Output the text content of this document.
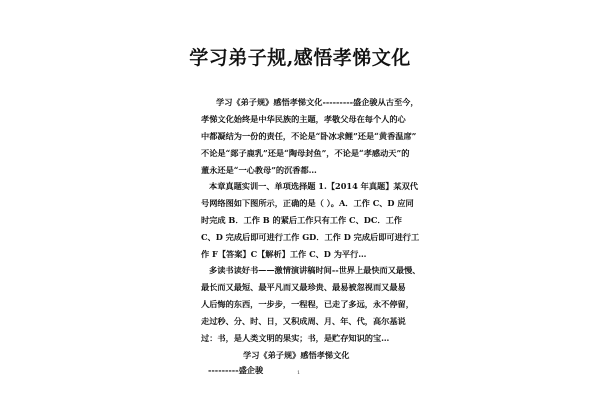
学习弟子规,感悟孝悌文化
学习《弟子规》感悟孝悌文化---------盛企骏从古至今，
孝悌文化始终是中华民族的主题，孝敬父母在每个人的心
中都凝结为一份的责任，不论是“卧冰求鲤”还是“黄香温席”
不论是“郯子鹿乳”还是“陶母封鱼”，不论是“孝感动天”的
董永还是“一心教母”的沉香都…
本章真题实训一、单项选择题 1.【2014 年真题】某双代
号网络图如下图所示，正确的是（ ）。A．工作 C、D 应同
时完成 B．工作 B 的紧后工作只有工作 C、DC．工作
C、D 完成后即可进行工作 GD．工作 D 完成后即可进行工
作 F【答案】C【解析】工作 C、D 为平行…
多读书读好书——激情演讲稿时间--世界上最快而又最慢、
最长而又最短、最平凡而又最珍贵、最易被忽视而又最易
人后悔的东西，一步步，一程程，已走了多远，永不停留，
走过秒、分、时、日，又积成周、月、年、代，高尔基说
过：书，是人类文明的果实；书，是贮存知识的宝…
学习《弟子规》感悟孝悌文化
---------盛企骏	1
